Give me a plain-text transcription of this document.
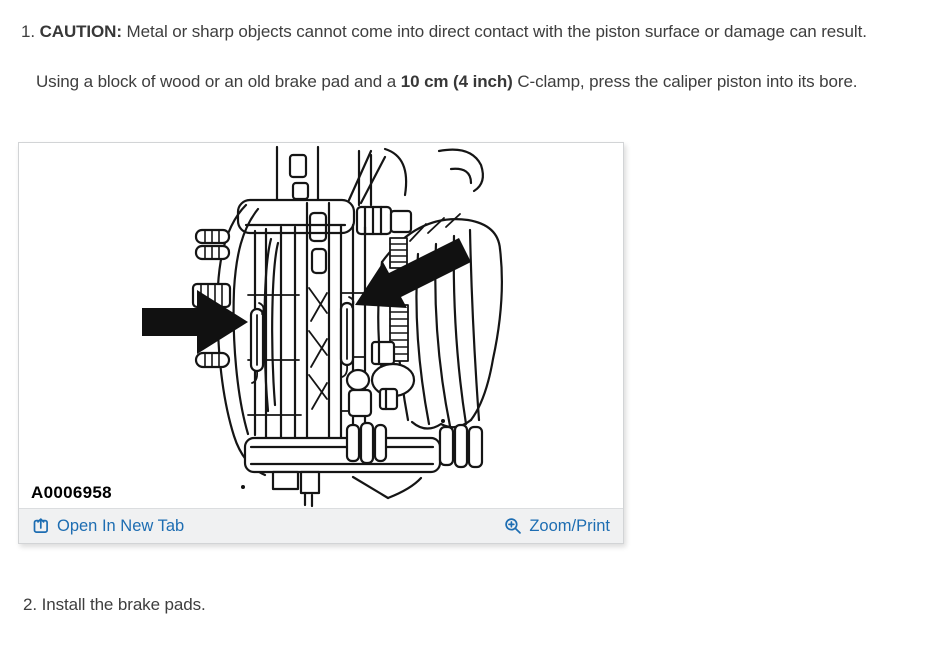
1. CAUTION: Metal or sharp objects cannot come into direct contact with the piston surface or damage can result.

Using a block of wood or an old brake pad and a 10 cm (4 inch) C-clamp, press the caliper piston into its bore.

A0006958
Open In New Tab	Zoom/Print

2. Install the brake pads.
